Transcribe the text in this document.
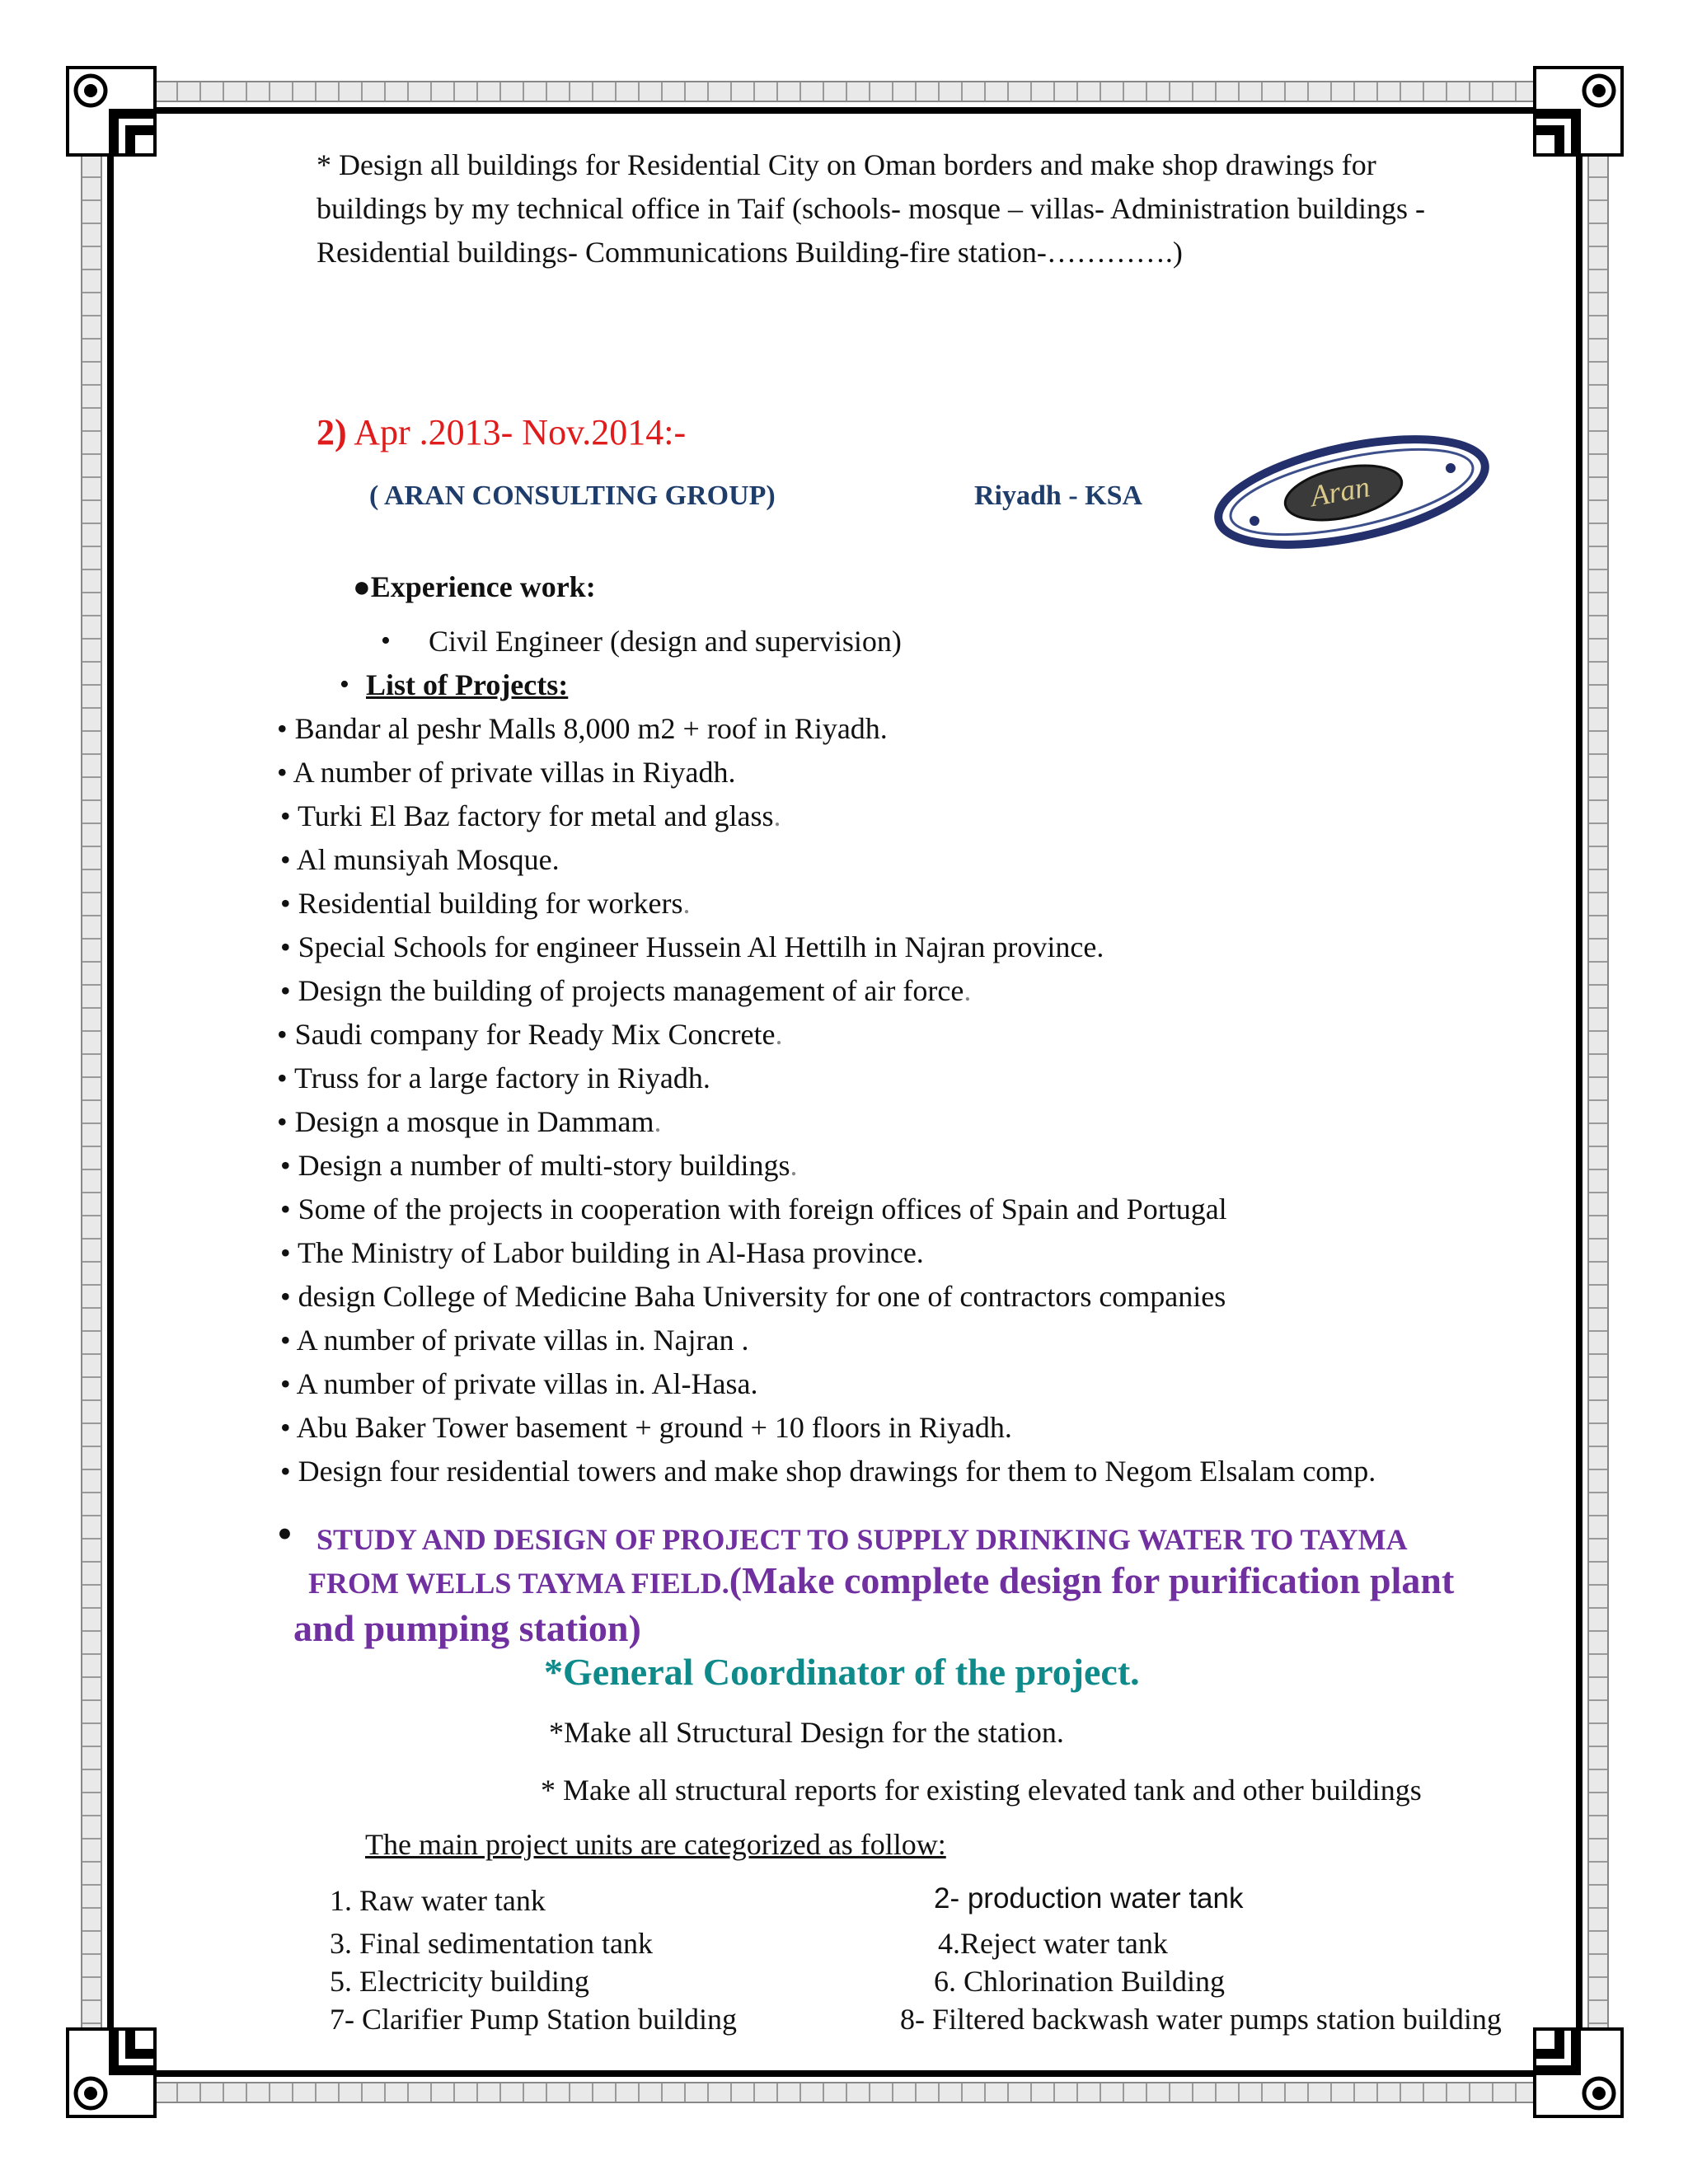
* Design all buildings for Residential City on Oman borders and make shop drawings for
buildings by my technical office in Taif (schools- mosque – villas- Administration buildings -
Residential buildings- Communications Building-fire station-………….)
2) Apr .2013- Nov.2014:-
( ARAN CONSULTING GROUP)	Riyadh - KSA	Aran
●Experience work:
• Civil Engineer (design and supervision)
• List of Projects:
• Bandar al peshr Malls 8,000 m2 + roof in Riyadh.
• A number of private villas in Riyadh.
• Turki El Baz factory for metal and glass.
• Al munsiyah Mosque.
• Residential building for workers.
• Special Schools for engineer Hussein Al Hettilh in Najran province.
• Design the building of projects management of air force.
• Saudi company for Ready Mix Concrete.
• Truss for a large factory in Riyadh.
• Design a mosque in Dammam.
• Design a number of multi-story buildings.
• Some of the projects in cooperation with foreign offices of Spain and Portugal
• The Ministry of Labor building in Al-Hasa province.
• design College of Medicine Baha University for one of contractors companies
• A number of private villas in. Najran .
• A number of private villas in. Al-Hasa.
• Abu Baker Tower basement + ground + 10 floors in Riyadh.
• Design four residential towers and make shop drawings for them to Negom Elsalam comp.
• STUDY AND DESIGN OF PROJECT TO SUPPLY DRINKING WATER TO TAYMA
FROM WELLS TAYMA FIELD.(Make complete design for purification plant
and pumping station)
*General Coordinator of the project.
*Make all Structural Design for the station.
* Make all structural reports for existing elevated tank and other buildings
The main project units are categorized as follow:
1. Raw water tank	2- production water tank
3. Final sedimentation tank	4.Reject water tank
5. Electricity building	6. Chlorination Building
7- Clarifier Pump Station building	8- Filtered backwash water pumps station building
